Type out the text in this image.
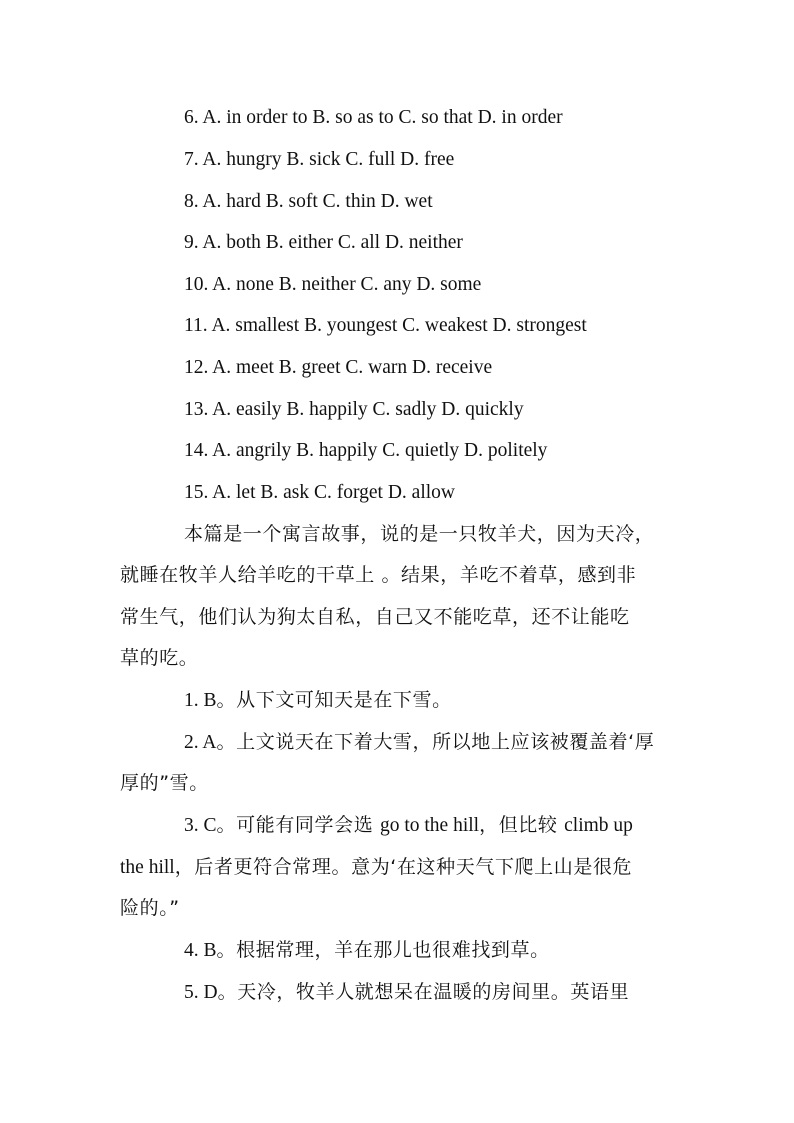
6. A. in order to B. so as to C. so that D. in order
7. A. hungry B. sick C. full D. free
8. A. hard B. soft C. thin D. wet
9. A. both B. either C. all D. neither
10. A. none B. neither C. any D. some
11. A. smallest B. youngest C. weakest D. strongest
12. A. meet B. greet C. warn D. receive
13. A. easily B. happily C. sadly D. quickly
14. A. angrily B. happily C. quietly D. politely
15. A. let B. ask C. forget D. allow
本篇是一个寓言故事，说的是一只牧羊犬，因为天冷，
就睡在牧羊人给羊吃的干草上 。结果，羊吃不着草，感到非
常生气，他们认为狗太自私，自己又不能吃草，还不让能吃
草的吃。
1. B。从下文可知天是在下雪。
2. A。上文说天在下着大雪，所以地上应该被覆盖着‘厚
厚的”雪。
3. C。可能有同学会选 go to the hill，但比较 climb up
the hill，后者更符合常理。意为‘在这种天气下爬上山是很危
险的。”
4. B。根据常理，羊在那儿也很难找到草。
5. D。天冷，牧羊人就想呆在温暖的房间里。英语里
